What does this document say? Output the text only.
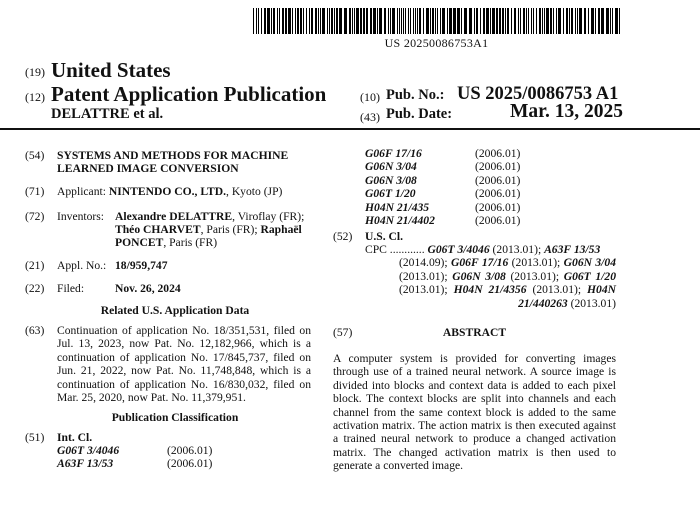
US 20250086753A1
(19) United States
(12) Patent Application Publication
DELATTRE et al.
(10) Pub. No.: US 2025/0086753 A1
(43) Pub. Date:	Mar. 13, 2025
(54) SYSTEMS AND METHODS FOR MACHINE
LEARNED IMAGE CONVERSION
(71) Applicant: NINTENDO CO., LTD., Kyoto (JP)
(72) Inventors: Alexandre DELATTRE, Viroflay (FR);
Théo CHARVET, Paris (FR); Raphaël
PONCET, Paris (FR)
(21) Appl. No.: 18/959,747
(22) Filed:	Nov. 26, 2024
Related U.S. Application Data
(63) Continuation of application No. 18/351,531, filed on
Jul. 13, 2023, now Pat. No. 12,182,966, which is a
continuation of application No. 17/845,737, filed on
Jun. 21, 2022, now Pat. No. 11,748,848, which is a
continuation of application No. 16/830,032, filed on
Mar. 25, 2020, now Pat. No. 11,379,951.
Publication Classification
(51) Int. Cl.
G06T 3/4046	(2006.01)
A63F 13/53	(2006.01)
G06F 17/16	(2006.01)
G06N 3/04	(2006.01)
G06N 3/08	(2006.01)
G06T 1/20	(2006.01)
H04N 21/435	(2006.01)
H04N 21/4402	(2006.01)
(52) U.S. Cl.
CPC ............ G06T 3/4046 (2013.01); A63F 13/53
(2014.09); G06F 17/16 (2013.01); G06N 3/04
(2013.01); G06N 3/08 (2013.01); G06T 1/20
(2013.01); H04N 21/4356 (2013.01); H04N
21/440263 (2013.01)
(57)	ABSTRACT
A computer system is provided for converting images
through use of a trained neural network. A source image is
divided into blocks and context data is added to each pixel
block. The context blocks are split into channels and each
channel from the same context block is added to the same
activation matrix. The action matrix is then executed against
a trained neural network to produce a changed activation
matrix. The changed activation matrix is then used to
generate a converted image.
